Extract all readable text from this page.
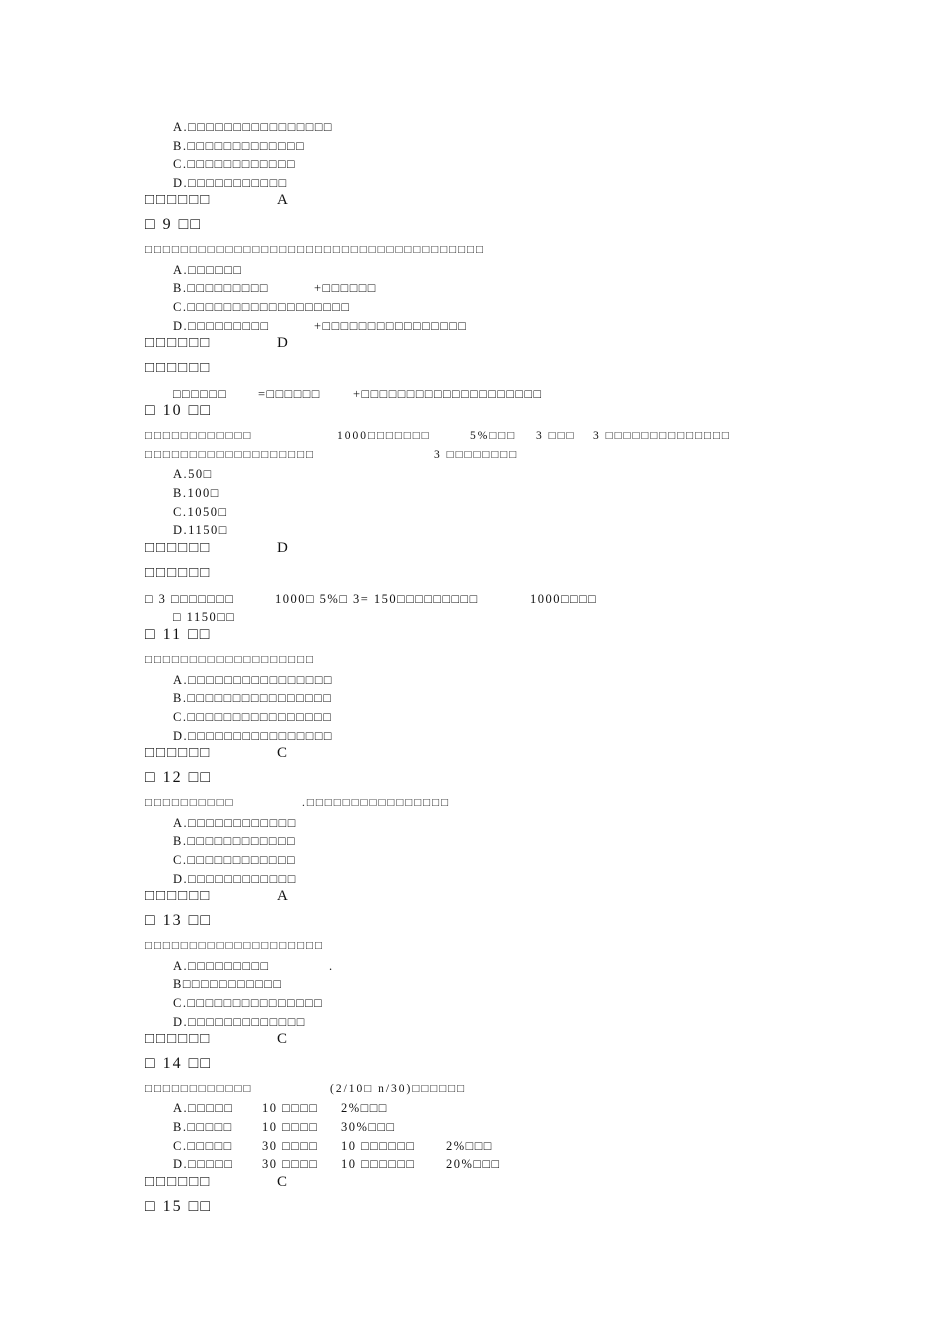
A.□□□□□□□□□□□□□□□□
B.□□□□□□□□□□□□□
C.□□□□□□□□□□□□
D.□□□□□□□□□□□
□□□□□□	A
□ 9 □□
□□□□□□□□□□□□□□□□□□□□□□□□□□□□□□□□□□□□□□
A.□□□□□□
B.□□□□□□□□□	+□□□□□□
C.□□□□□□□□□□□□□□□□□□
D.□□□□□□□□□	+□□□□□□□□□□□□□□□□
□□□□□□	D
□□□□□□
□□□□□□ =□□□□□□	+□□□□□□□□□□□□□□□□□□□□
□ 10 □□
□□□□□□□□□□□□	1000□□□□□□□	5%□□□ 3 □□□ 3 □□□□□□□□□□□□□□
□□□□□□□□□□□□□□□□□□□	3 □□□□□□□□
A.50□
B.100□
C.1050□
D.1150□
□□□□□□	D
□□□□□□
□ 3 □□□□□□□	1000□ 5%□ 3= 150□□□□□□□□□	1000□□□□
□ 1150□□
□ 11 □□
□□□□□□□□□□□□□□□□□□□
A.□□□□□□□□□□□□□□□□
B.□□□□□□□□□□□□□□□□
C.□□□□□□□□□□□□□□□□
D.□□□□□□□□□□□□□□□□
□□□□□□	C
□ 12 □□
□□□□□□□□□□	.□□□□□□□□□□□□□□□□
A.□□□□□□□□□□□□
B.□□□□□□□□□□□□
C.□□□□□□□□□□□□
D.□□□□□□□□□□□□
□□□□□□	A
□ 13 □□
□□□□□□□□□□□□□□□□□□□□
A.□□□□□□□□□	.
B□□□□□□□□□□□
C.□□□□□□□□□□□□□□□
D.□□□□□□□□□□□□□
□□□□□□	C
□ 14 □□
□□□□□□□□□□□□	(2/10□ n/30)□□□□□□
A.□□□□□ 10 □□□□ 2%□□□
B.□□□□□ 10 □□□□ 30%□□□
C.□□□□□ 30 □□□□ 10 □□□□□□ 2%□□□
D.□□□□□ 30 □□□□ 10 □□□□□□ 20%□□□
□□□□□□	C
□ 15 □□
